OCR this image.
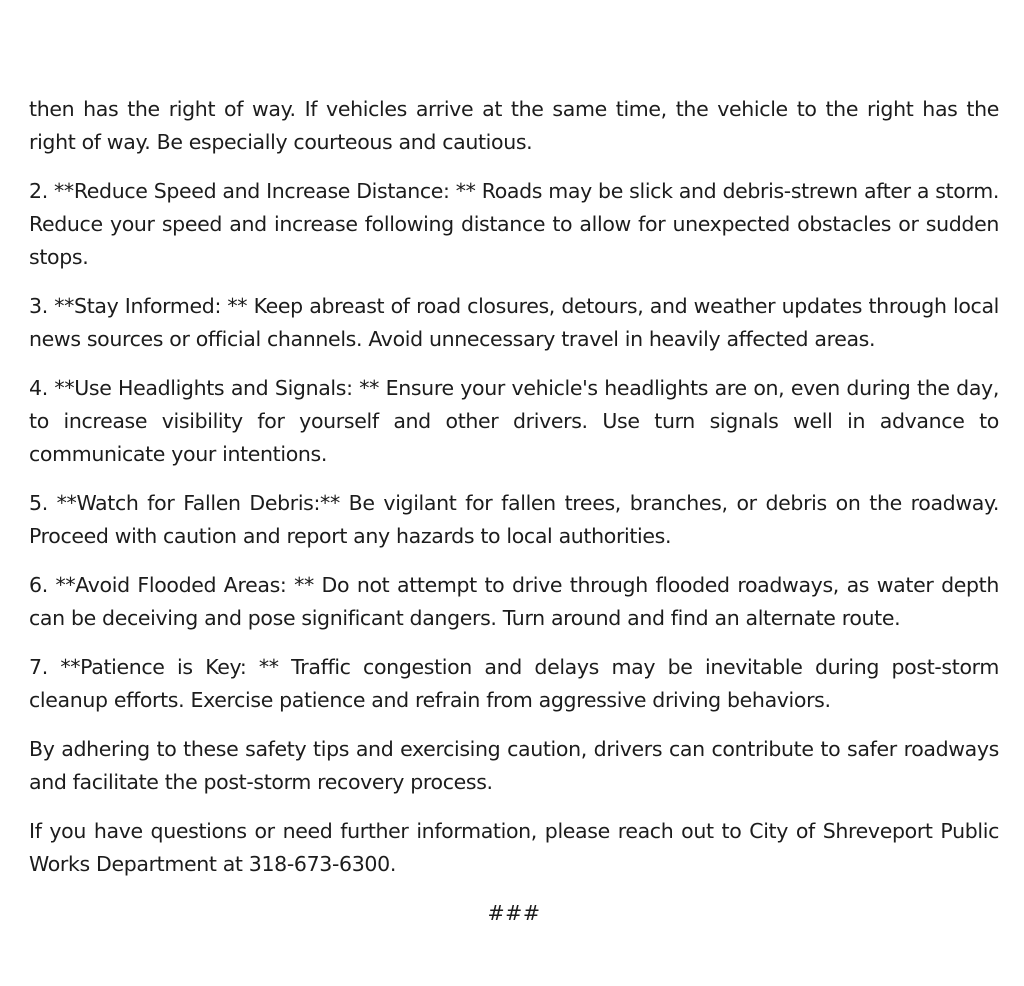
then has the right of way. If vehicles arrive at the same time, the vehicle to the right has the right of way. Be especially courteous and cautious.

2. **Reduce Speed and Increase Distance: ** Roads may be slick and debris-strewn after a storm. Reduce your speed and increase following distance to allow for unexpected obstacles or sudden stops.

3. **Stay Informed: ** Keep abreast of road closures, detours, and weather updates through local news sources or official channels. Avoid unnecessary travel in heavily affected areas.

4. **Use Headlights and Signals: ** Ensure your vehicle's headlights are on, even during the day, to increase visibility for yourself and other drivers. Use turn signals well in advance to communicate your intentions.

5. **Watch for Fallen Debris:** Be vigilant for fallen trees, branches, or debris on the roadway. Proceed with caution and report any hazards to local authorities.

6. **Avoid Flooded Areas: ** Do not attempt to drive through flooded roadways, as water depth can be deceiving and pose significant dangers. Turn around and find an alternate route.

7. **Patience is Key: ** Traffic congestion and delays may be inevitable during post-storm cleanup efforts. Exercise patience and refrain from aggressive driving behaviors.

By adhering to these safety tips and exercising caution, drivers can contribute to safer roadways and facilitate the post-storm recovery process.

If you have questions or need further information, please reach out to City of Shreveport Public Works Department at 318-673-6300.

###
